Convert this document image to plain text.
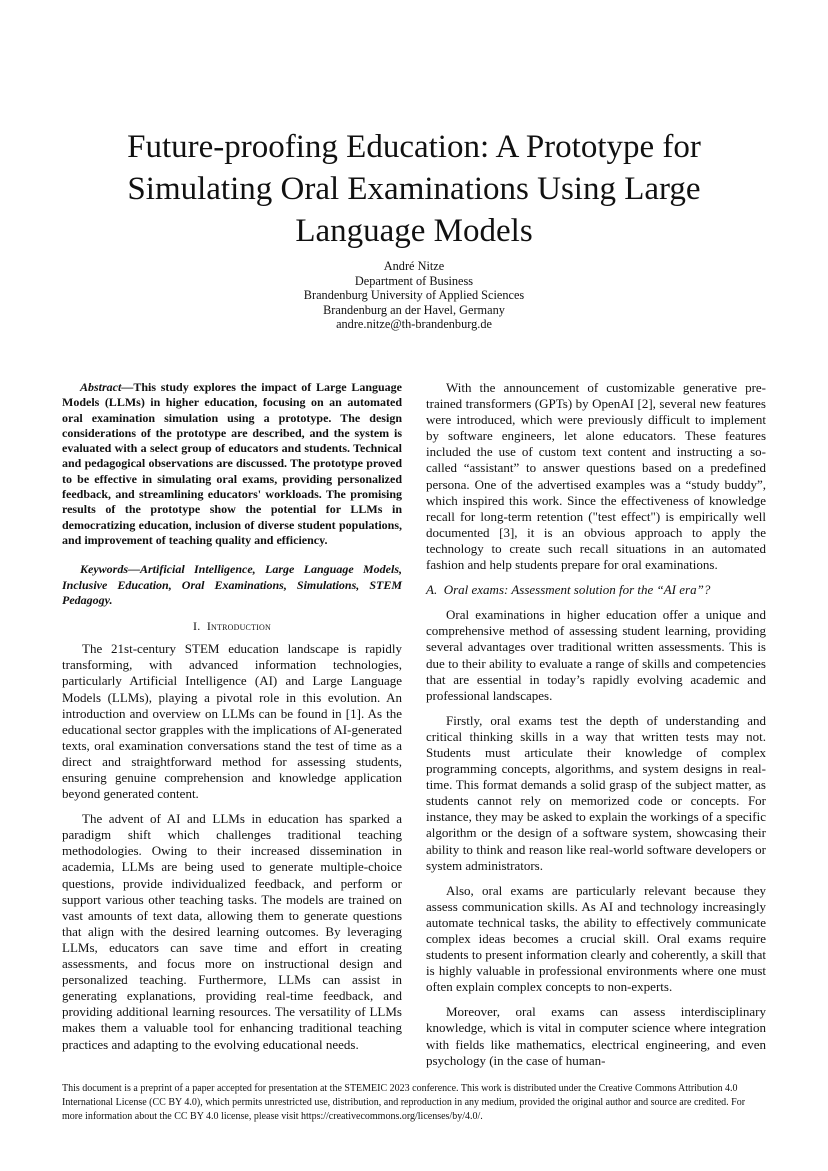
Future-proofing Education: A Prototype for Simulating Oral Examinations Using Large Language Models
André Nitze
Department of Business
Brandenburg University of Applied Sciences
Brandenburg an der Havel, Germany
andre.nitze@th-brandenburg.de

Abstract—This study explores the impact of Large Language Models (LLMs) in higher education, focusing on an automated oral examination simulation using a prototype. The design considerations of the prototype are described, and the system is evaluated with a select group of educators and students. Technical and pedagogical observations are discussed. The prototype proved to be effective in simulating oral exams, providing personalized feedback, and streamlining educators' workloads. The promising results of the prototype show the potential for LLMs in democratizing education, inclusion of diverse student populations, and improvement of teaching quality and efficiency.

Keywords—Artificial Intelligence, Large Language Models, Inclusive Education, Oral Examinations, Simulations, STEM Pedagogy.

I. Introduction

The 21st-century STEM education landscape is rapidly transforming, with advanced information technologies, particularly Artificial Intelligence (AI) and Large Language Models (LLMs), playing a pivotal role in this evolution. An introduction and overview on LLMs can be found in [1]. As the educational sector grapples with the implications of AI-generated texts, oral examination conversations stand the test of time as a direct and straightforward method for assessing students, ensuring genuine comprehension and knowledge application beyond generated content.

The advent of AI and LLMs in education has sparked a paradigm shift which challenges traditional teaching methodologies. Owing to their increased dissemination in academia, LLMs are being used to generate multiple-choice questions, provide individualized feedback, and perform or support various other teaching tasks. The models are trained on vast amounts of text data, allowing them to generate questions that align with the desired learning outcomes. By leveraging LLMs, educators can save time and effort in creating assessments, and focus more on instructional design and personalized teaching. Furthermore, LLMs can assist in generating explanations, providing real-time feedback, and providing additional learning resources. The versatility of LLMs makes them a valuable tool for enhancing traditional teaching practices and adapting to the evolving educational needs.

With the announcement of customizable generative pre-trained transformers (GPTs) by OpenAI [2], several new features were introduced, which were previously difficult to implement by software engineers, let alone educators. These features included the use of custom text content and instructing a so-called “assistant” to answer questions based on a predefined persona. One of the advertised examples was a “study buddy”, which inspired this work. Since the effectiveness of knowledge recall for long-term retention ("test effect") is empirically well documented [3], it is an obvious approach to apply the technology to create such recall situations in an automated fashion and help students prepare for oral examinations.

A. Oral exams: Assessment solution for the “AI era”?

Oral examinations in higher education offer a unique and comprehensive method of assessing student learning, providing several advantages over traditional written assessments. This is due to their ability to evaluate a range of skills and competencies that are essential in today’s rapidly evolving academic and professional landscapes.

Firstly, oral exams test the depth of understanding and critical thinking skills in a way that written tests may not. Students must articulate their knowledge of complex programming concepts, algorithms, and system designs in real-time. This format demands a solid grasp of the subject matter, as students cannot rely on memorized code or concepts. For instance, they may be asked to explain the workings of a specific algorithm or the design of a software system, showcasing their ability to think and reason like real-world software developers or system administrators.

Also, oral exams are particularly relevant because they assess communication skills. As AI and technology increasingly automate technical tasks, the ability to effectively communicate complex ideas becomes a crucial skill. Oral exams require students to present information clearly and coherently, a skill that is highly valuable in professional environments where one must often explain complex concepts to non-experts.

Moreover, oral exams can assess interdisciplinary knowledge, which is vital in computer science where integration with fields like mathematics, electrical engineering, and even psychology (in the case of human-

This document is a preprint of a paper accepted for presentation at the STEMEIC 2023 conference. This work is distributed under the Creative Commons Attribution 4.0 International License (CC BY 4.0), which permits unrestricted use, distribution, and reproduction in any medium, provided the original author and source are credited. For more information about the CC BY 4.0 license, please visit https://creativecommons.org/licenses/by/4.0/.
